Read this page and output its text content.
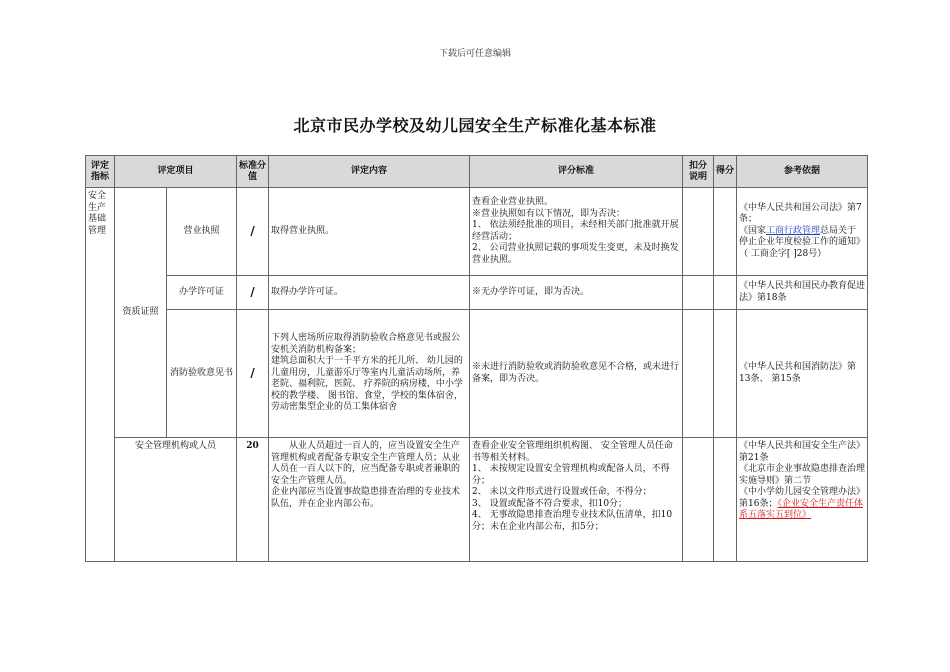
下载后可任意编辑
北京市民办学校及幼儿园安全生产标准化基本标准
评定指标	评定项目		标准分值	评定内容	评分标准	扣分说明	得分	参考依据
安全生产基础管理	资质证照	营业执照	/	取得营业执照。	查看企业营业执照。
※营业执照如有以下情况，即为否决：
1、 依法须经批准的项目，未经相关部门批准就开展经营活动；
2、 公司营业执照记载的事项发生变更，未及时换发营业执照。			《中华人民共和国公司法》第7条；
《国家工商行政管理总局关于停止企业年度检验工作的通知》（ 工商企字[ ]28号）
		办学许可证	/	取得办学许可证。	※无办学许可证，即为否决。			《中华人民共和国民办教育促进法》第18条
		消防验收意见书	/	下列人密场所应取得消防验收合格意见书或报公安机关消防机构备案；
建筑总面积大于一千平方米的托儿所、 幼儿园的儿童用房，儿童游乐厅等室内儿童活动场所，养老院、福利院，医院、 疗养院的病房楼，中小学校的教学楼、 图书馆、食堂，学校的集体宿舍，劳动密集型企业的员工集体宿舍	※未进行消防验收或消防验收意见不合格，或未进行备案，即为否决。			《中华人民共和国消防法》第13条、 第15条
	安全管理机构或人员		20	从业人员超过一百人的，应当设置安全生产管理机构或者配备专职安全生产管理人员；从业人员在一百人以下的，应当配备专职或者兼职的安全生产管理人员。
企业内部应当设置事故隐患排查治理的专业技术队伍，并在企业内部公布。	查看企业安全管理组织机构图、 安全管理人员任命书等相关材料。
1、 未按规定设置安全管理机构或配备人员，不得分；
2、 未以文件形式进行设置或任命，不得分；
3、 设置或配备不符合要求，扣10分；
4、 无事故隐患排查治理专业技术队伍清单，扣10分；未在企业内部公布，扣5分；			《中华人民共和国安全生产法》第21条
《北京市企业事故隐患排查治理实施导则》第二节
《中小学幼儿园安全管理办法》第16条；《企业安全生产责任体系五落实五到位》
